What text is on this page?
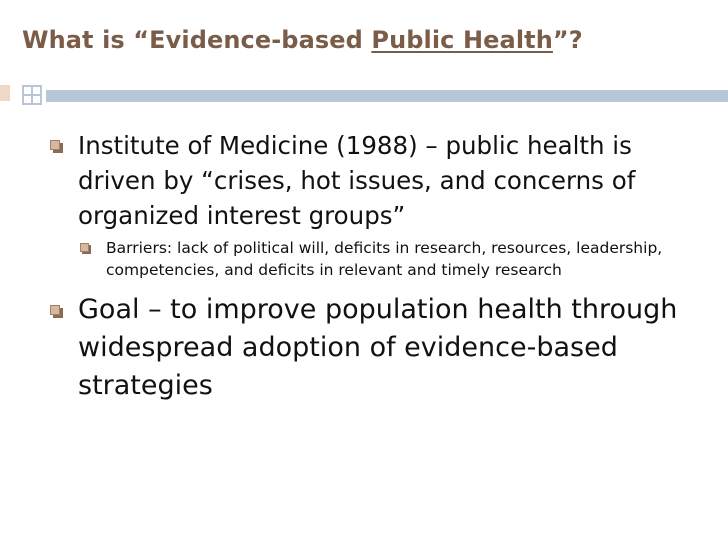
What is “Evidence-based Public Health”?
Institute of Medicine (1988) – public health is driven by “crises, hot issues, and concerns of organized interest groups”
Barriers: lack of political will, deficits in research, resources, leadership, competencies, and deficits in relevant and timely research
Goal – to improve population health through widespread adoption of evidence-based strategies
